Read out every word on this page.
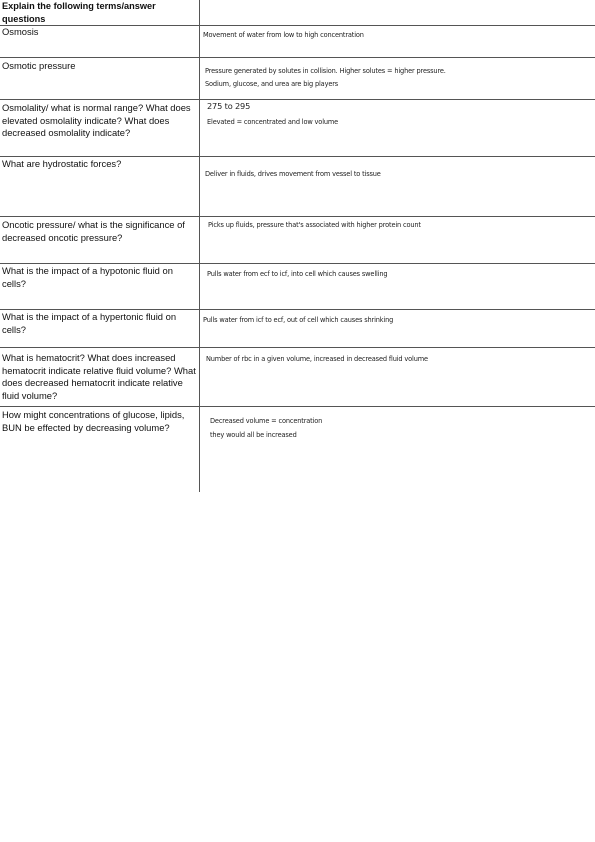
Explain the following terms/answer questions
Osmosis	Movement of water from low to high concentration
Osmotic pressure	Pressure generated by solutes in collision. Higher solutes = higher pressure.
Sodium, glucose, and urea are big players
Osmolality/ what is normal range? What does elevated osmolality indicate? What does decreased osmolality indicate?
275 to 295
Elevated = concentrated and low volume
What are hydrostatic forces?
Deliver in fluids, drives movement from vessel to tissue
Oncotic pressure/ what is the significance of decreased oncotic pressure?
Picks up fluids, pressure that's associated with higher protein count
What is the impact of a hypotonic fluid on cells?
Pulls water from ecf to icf, into cell which causes swelling
What is the impact of a hypertonic fluid on cells?
Pulls water from icf to ecf, out of cell which causes shrinking
What is hematocrit? What does increased hematocrit indicate relative fluid volume? What does decreased hematocrit indicate relative fluid volume?
Number of rbc in a given volume, increased in decreased fluid volume
How might concentrations of glucose, lipids, BUN be effected by decreasing volume?
Decreased volume = concentration
they would all be increased
